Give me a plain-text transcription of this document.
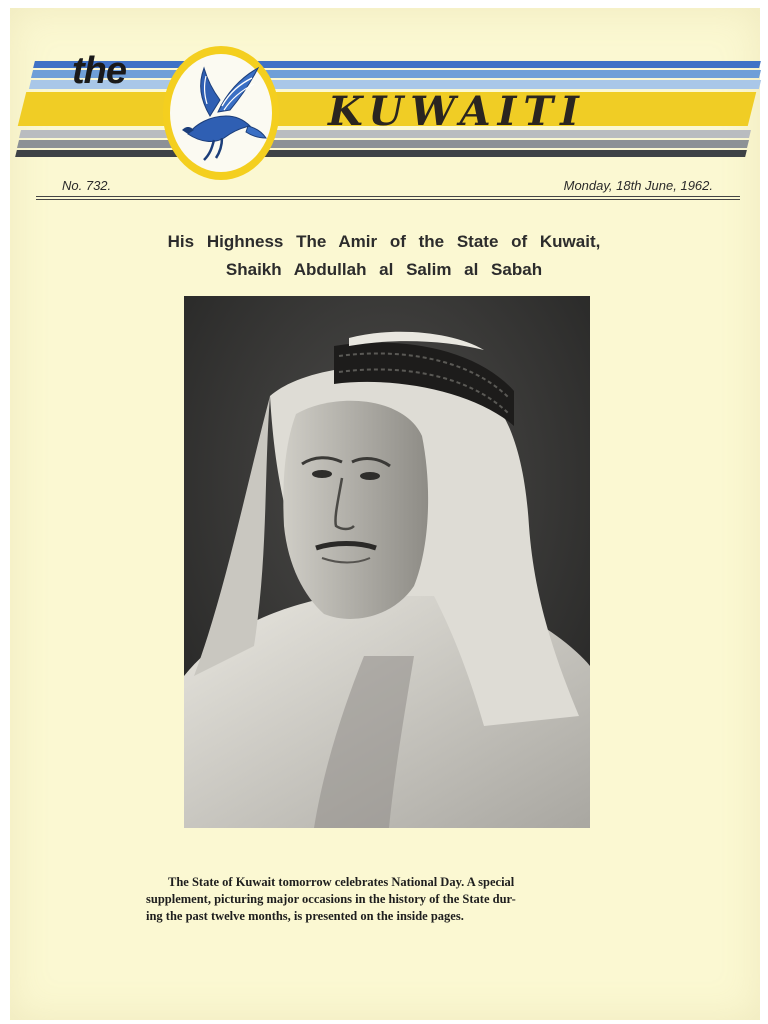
the
KUWAITI
No. 732.	Monday, 18th June, 1962.
His Highness The Amir of the State of Kuwait,
Shaikh Abdullah al Salim al Sabah
The State of Kuwait tomorrow celebrates National Day. A special
supplement, picturing major occasions in the history of the State dur-
ing the past twelve months, is presented on the inside pages.
